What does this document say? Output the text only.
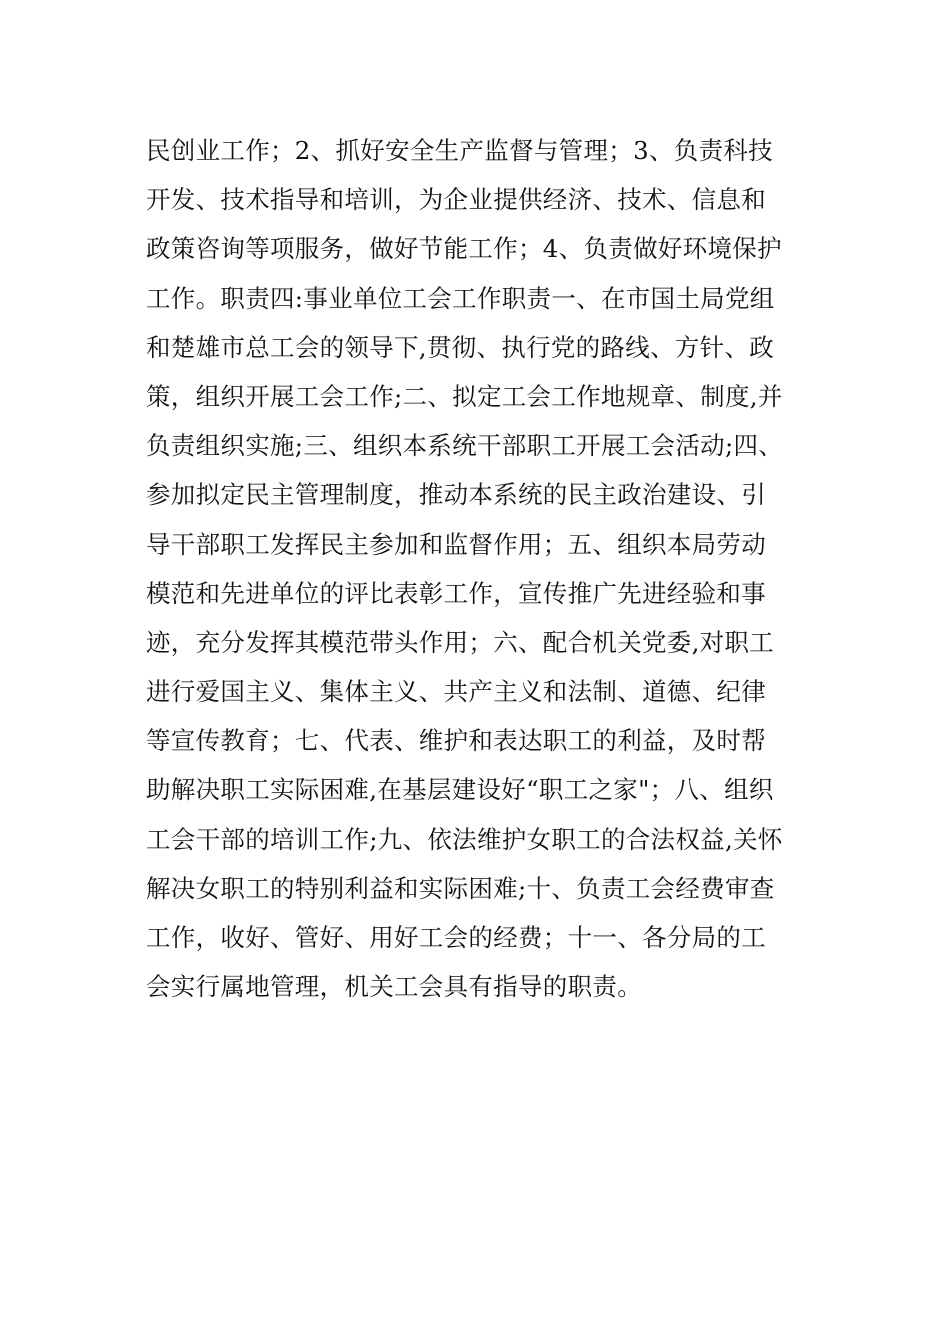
民创业工作；2、抓好安全生产监督与管理；3、负责科技
开发、技术指导和培训，为企业提供经济、技术、信息和
政策咨询等项服务，做好节能工作；4、负责做好环境保护
工作。职责四:事业单位工会工作职责一、在市国土局党组
和楚雄市总工会的领导下,贯彻、执行党的路线、方针、政
策，组织开展工会工作;二、拟定工会工作地规章、制度,并
负责组织实施;三、组织本系统干部职工开展工会活动;四、
参加拟定民主管理制度，推动本系统的民主政治建设、引
导干部职工发挥民主参加和监督作用；五、组织本局劳动
模范和先进单位的评比表彰工作，宣传推广先进经验和事
迹，充分发挥其模范带头作用；六、配合机关党委,对职工
进行爱国主义、集体主义、共产主义和法制、道德、纪律
等宣传教育；七、代表、维护和表达职工的利益，及时帮
助解决职工实际困难,在基层建设好“职工之家"；八、组织
工会干部的培训工作;九、依法维护女职工的合法权益,关怀
解决女职工的特别利益和实际困难;十、负责工会经费审查
工作，收好、管好、用好工会的经费；十一、各分局的工
会实行属地管理，机关工会具有指导的职责。
